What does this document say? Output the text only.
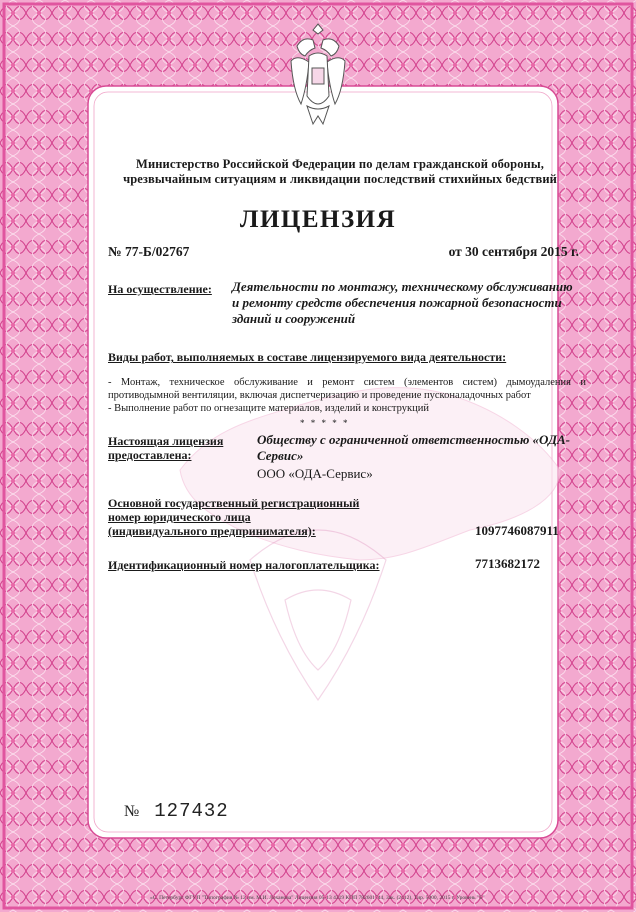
Министерство Российской Федерации по делам гражданской обороны,
чрезвычайным ситуациям и ликвидации последствий стихийных бедствий
ЛИЦЕНЗИЯ
№ 77-Б/02767	от 30 сентября 2015 г.
На осуществление: Деятельности по монтажу, техническому обслуживанию и ремонту средств обеспечения пожарной безопасности зданий и сооружений
Виды работ, выполняемых в составе лицензируемого вида деятельности:
- Монтаж, техническое обслуживание и ремонт систем (элементов систем) дымоудаления и противодымной вентиляции, включая диспетчеризацию и проведение пусконаладочных работ
- Выполнение работ по огнезащите материалов, изделий и конструкций
* * * * *
Настоящая лицензия предоставлена:
Обществу с ограниченной ответственностью «ОДА-Сервис»
ООО «ОДА-Сервис»
Основной государственный регистрационный
номер юридического лица
(индивидуального предпринимателя):	1097746087911
Идентификационный номер налогоплательщика:	7713682172
№ 127432
«С. Петербург ФГУП "Типография № 12 им. М.И. Лоханова" Лицензия 05-13 4319 КПП 782601744, Зак. (2412), Тир. 5000, 2015 г. Уровень "Б"
